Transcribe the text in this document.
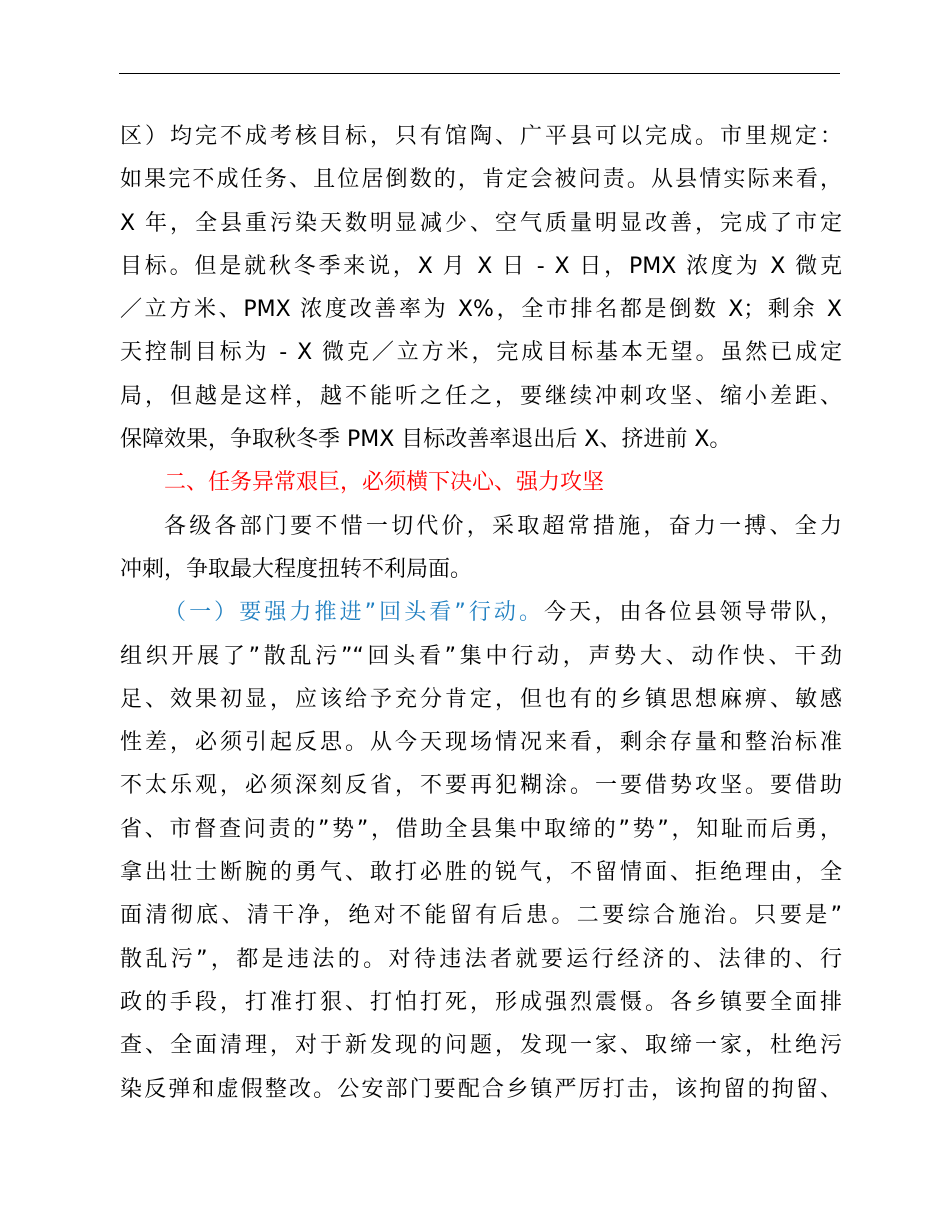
区）均完不成考核目标，只有馆陶、广平县可以完成。市里规定：
如果完不成任务、且位居倒数的，肯定会被问责。从县情实际来看，
X 年，全县重污染天数明显减少、空气质量明显改善，完成了市定
目标。但是就秋冬季来说，X 月 X 日 - X 日，PMX 浓度为 X 微克
／立方米、PMX 浓度改善率为 X%，全市排名都是倒数 X；剩余 X
天控制目标为 - X 微克／立方米，完成目标基本无望。虽然已成定
局，但越是这样，越不能听之任之，要继续冲刺攻坚、缩小差距、
保障效果，争取秋冬季 PMX 目标改善率退出后 X、挤进前 X。
二、任务异常艰巨，必须横下决心、强力攻坚
各级各部门要不惜一切代价，采取超常措施，奋力一搏、全力
冲刺，争取最大程度扭转不利局面。
（一）要强力推进”回头看”行动。今天，由各位县领导带队，
组织开展了”散乱污”“回头看”集中行动，声势大、动作快、干劲
足、效果初显，应该给予充分肯定，但也有的乡镇思想麻痹、敏感
性差，必须引起反思。从今天现场情况来看，剩余存量和整治标准
不太乐观，必须深刻反省，不要再犯糊涂。一要借势攻坚。要借助
省、市督查问责的”势”，借助全县集中取缔的”势”，知耻而后勇，
拿出壮士断腕的勇气、敢打必胜的锐气，不留情面、拒绝理由，全
面清彻底、清干净，绝对不能留有后患。二要综合施治。只要是”
散乱污”，都是违法的。对待违法者就要运行经济的、法律的、行
政的手段，打准打狠、打怕打死，形成强烈震慑。各乡镇要全面排
查、全面清理，对于新发现的问题，发现一家、取缔一家，杜绝污
染反弹和虚假整改。公安部门要配合乡镇严厉打击，该拘留的拘留、
